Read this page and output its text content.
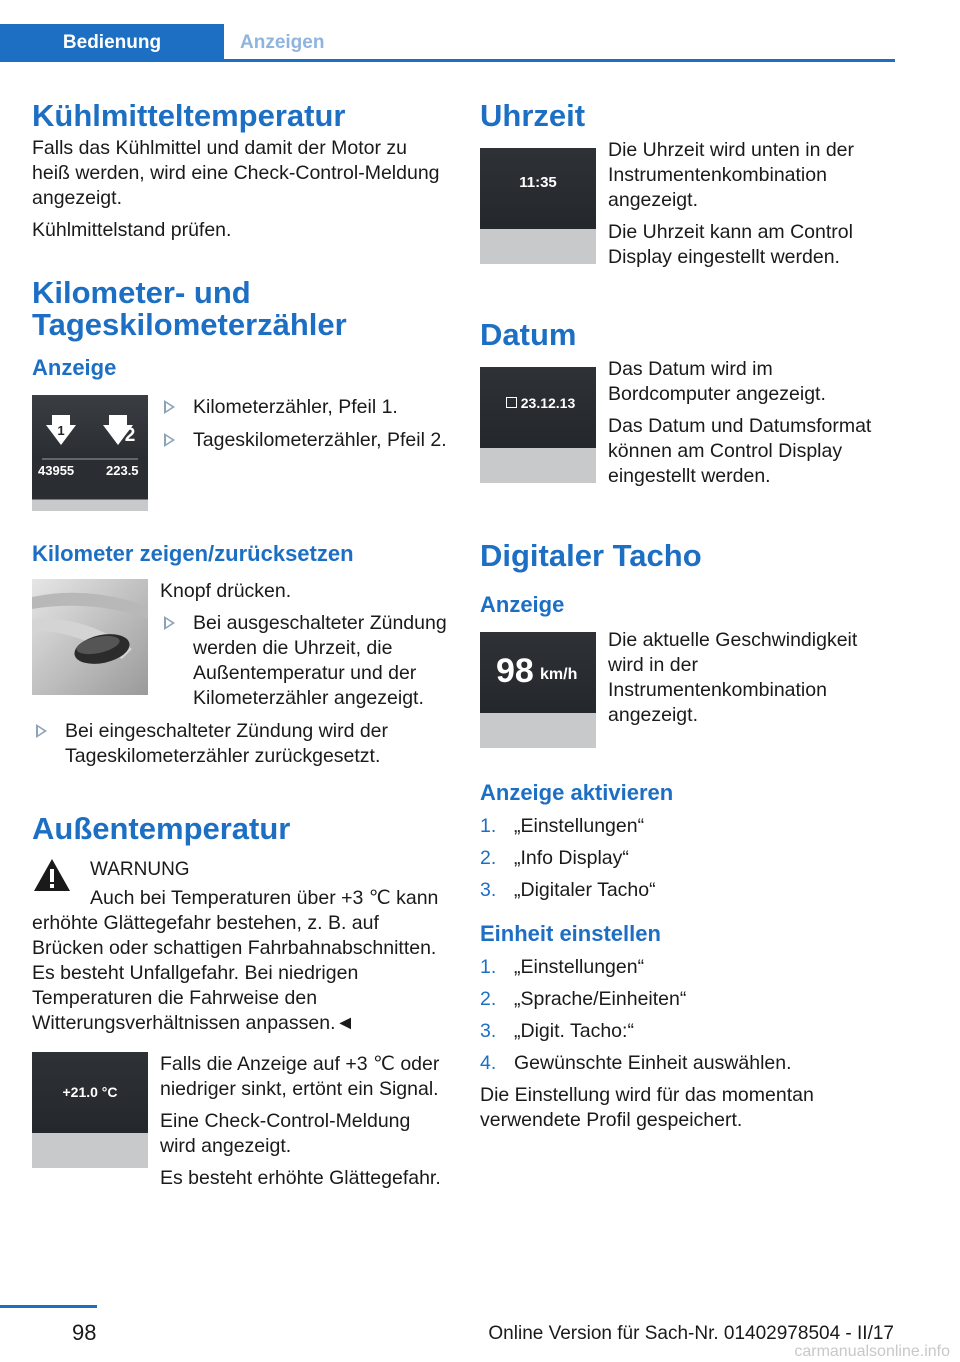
Bedienung	Anzeigen
Kühlmitteltemperatur

Falls das Kühlmittel und damit der Motor zu heiß werden, wird eine Check-Control-Meldung angezeigt.

Kühlmittelstand prüfen.

Kilometer- und Tageskilometerzähler
Anzeige
1	2
43955 223.5
Kilometerzähler, Pfeil 1.
Tageskilometerzähler, Pfeil 2.
Kilometer zeigen/zurücksetzen

Knopf drücken.

Bei ausgeschalteter Zündung werden die Uhrzeit, die Außentemperatur und der Kilometerzähler angezeigt.
Bei eingeschalteter Zündung wird der Tageskilometerzähler zurückgesetzt.
Außentemperatur

WARNUNG

Auch bei Temperaturen über +3 ℃ kann erhöhte Glättegefahr bestehen, z. B. auf Brücken oder schattigen Fahrbahnabschnitten. Es besteht Unfallgefahr. Bei niedrigen Temperaturen die Fahrweise den Witterungsverhältnissen anpassen.◄

+21.0 °C

Falls die Anzeige auf +3 ℃ oder niedriger sinkt, ertönt ein Signal.

Eine Check-Control-Meldung wird angezeigt.

Es besteht erhöhte Glättegefahr.

Uhrzeit
11:35

Die Uhrzeit wird unten in der Instrumentenkombination angezeigt.

Die Uhrzeit kann am Control Display eingestellt werden.

Datum
23.12.13

Das Datum wird im Bordcomputer angezeigt.

Das Datum und Datumsformat können am Control Display eingestellt werden.

Digitaler Tacho
Anzeige
98 km/h

Die aktuelle Geschwindigkeit wird in der Instrumentenkombination angezeigt.

Anzeige aktivieren
1. „Einstellungen“
2. „Info Display“
3. „Digitaler Tacho“
Einheit einstellen
1. „Einstellungen“
2. „Sprache/Einheiten“
3. „Digit. Tacho:“
4. Gewünschte Einheit auswählen.

Die Einstellung wird für das momentan verwendete Profil gespeichert.

98	Online Version für Sach-Nr. 01402978504 - II/17
carmanualsonline.info
